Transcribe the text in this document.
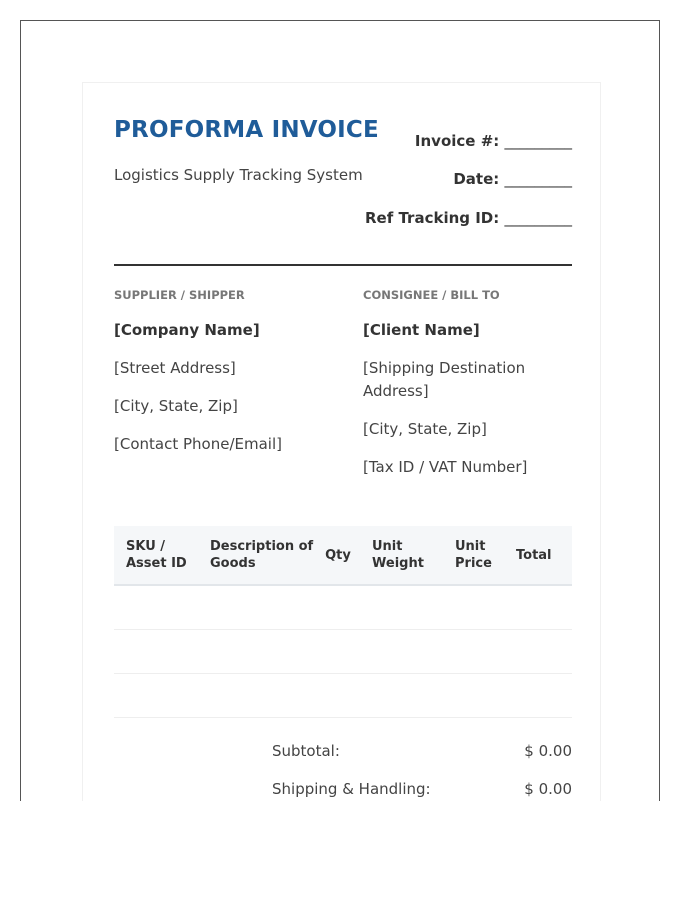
PROFORMA INVOICE
Logistics Supply Tracking System
Invoice #: _________
Date: _________
Ref Tracking ID: _________
SUPPLIER / SHIPPER
[Company Name]
[Street Address]
[City, State, Zip]
[Contact Phone/Email]
CONSIGNEE / BILL TO
[Client Name]
[Shipping Destination Address]
[City, State, Zip]
[Tax ID / VAT Number]
SKU / Asset ID	Description of Goods	Qty	Unit Weight	Unit Price	Total

Subtotal:	$ 0.00
Shipping & Handling:	$ 0.00
